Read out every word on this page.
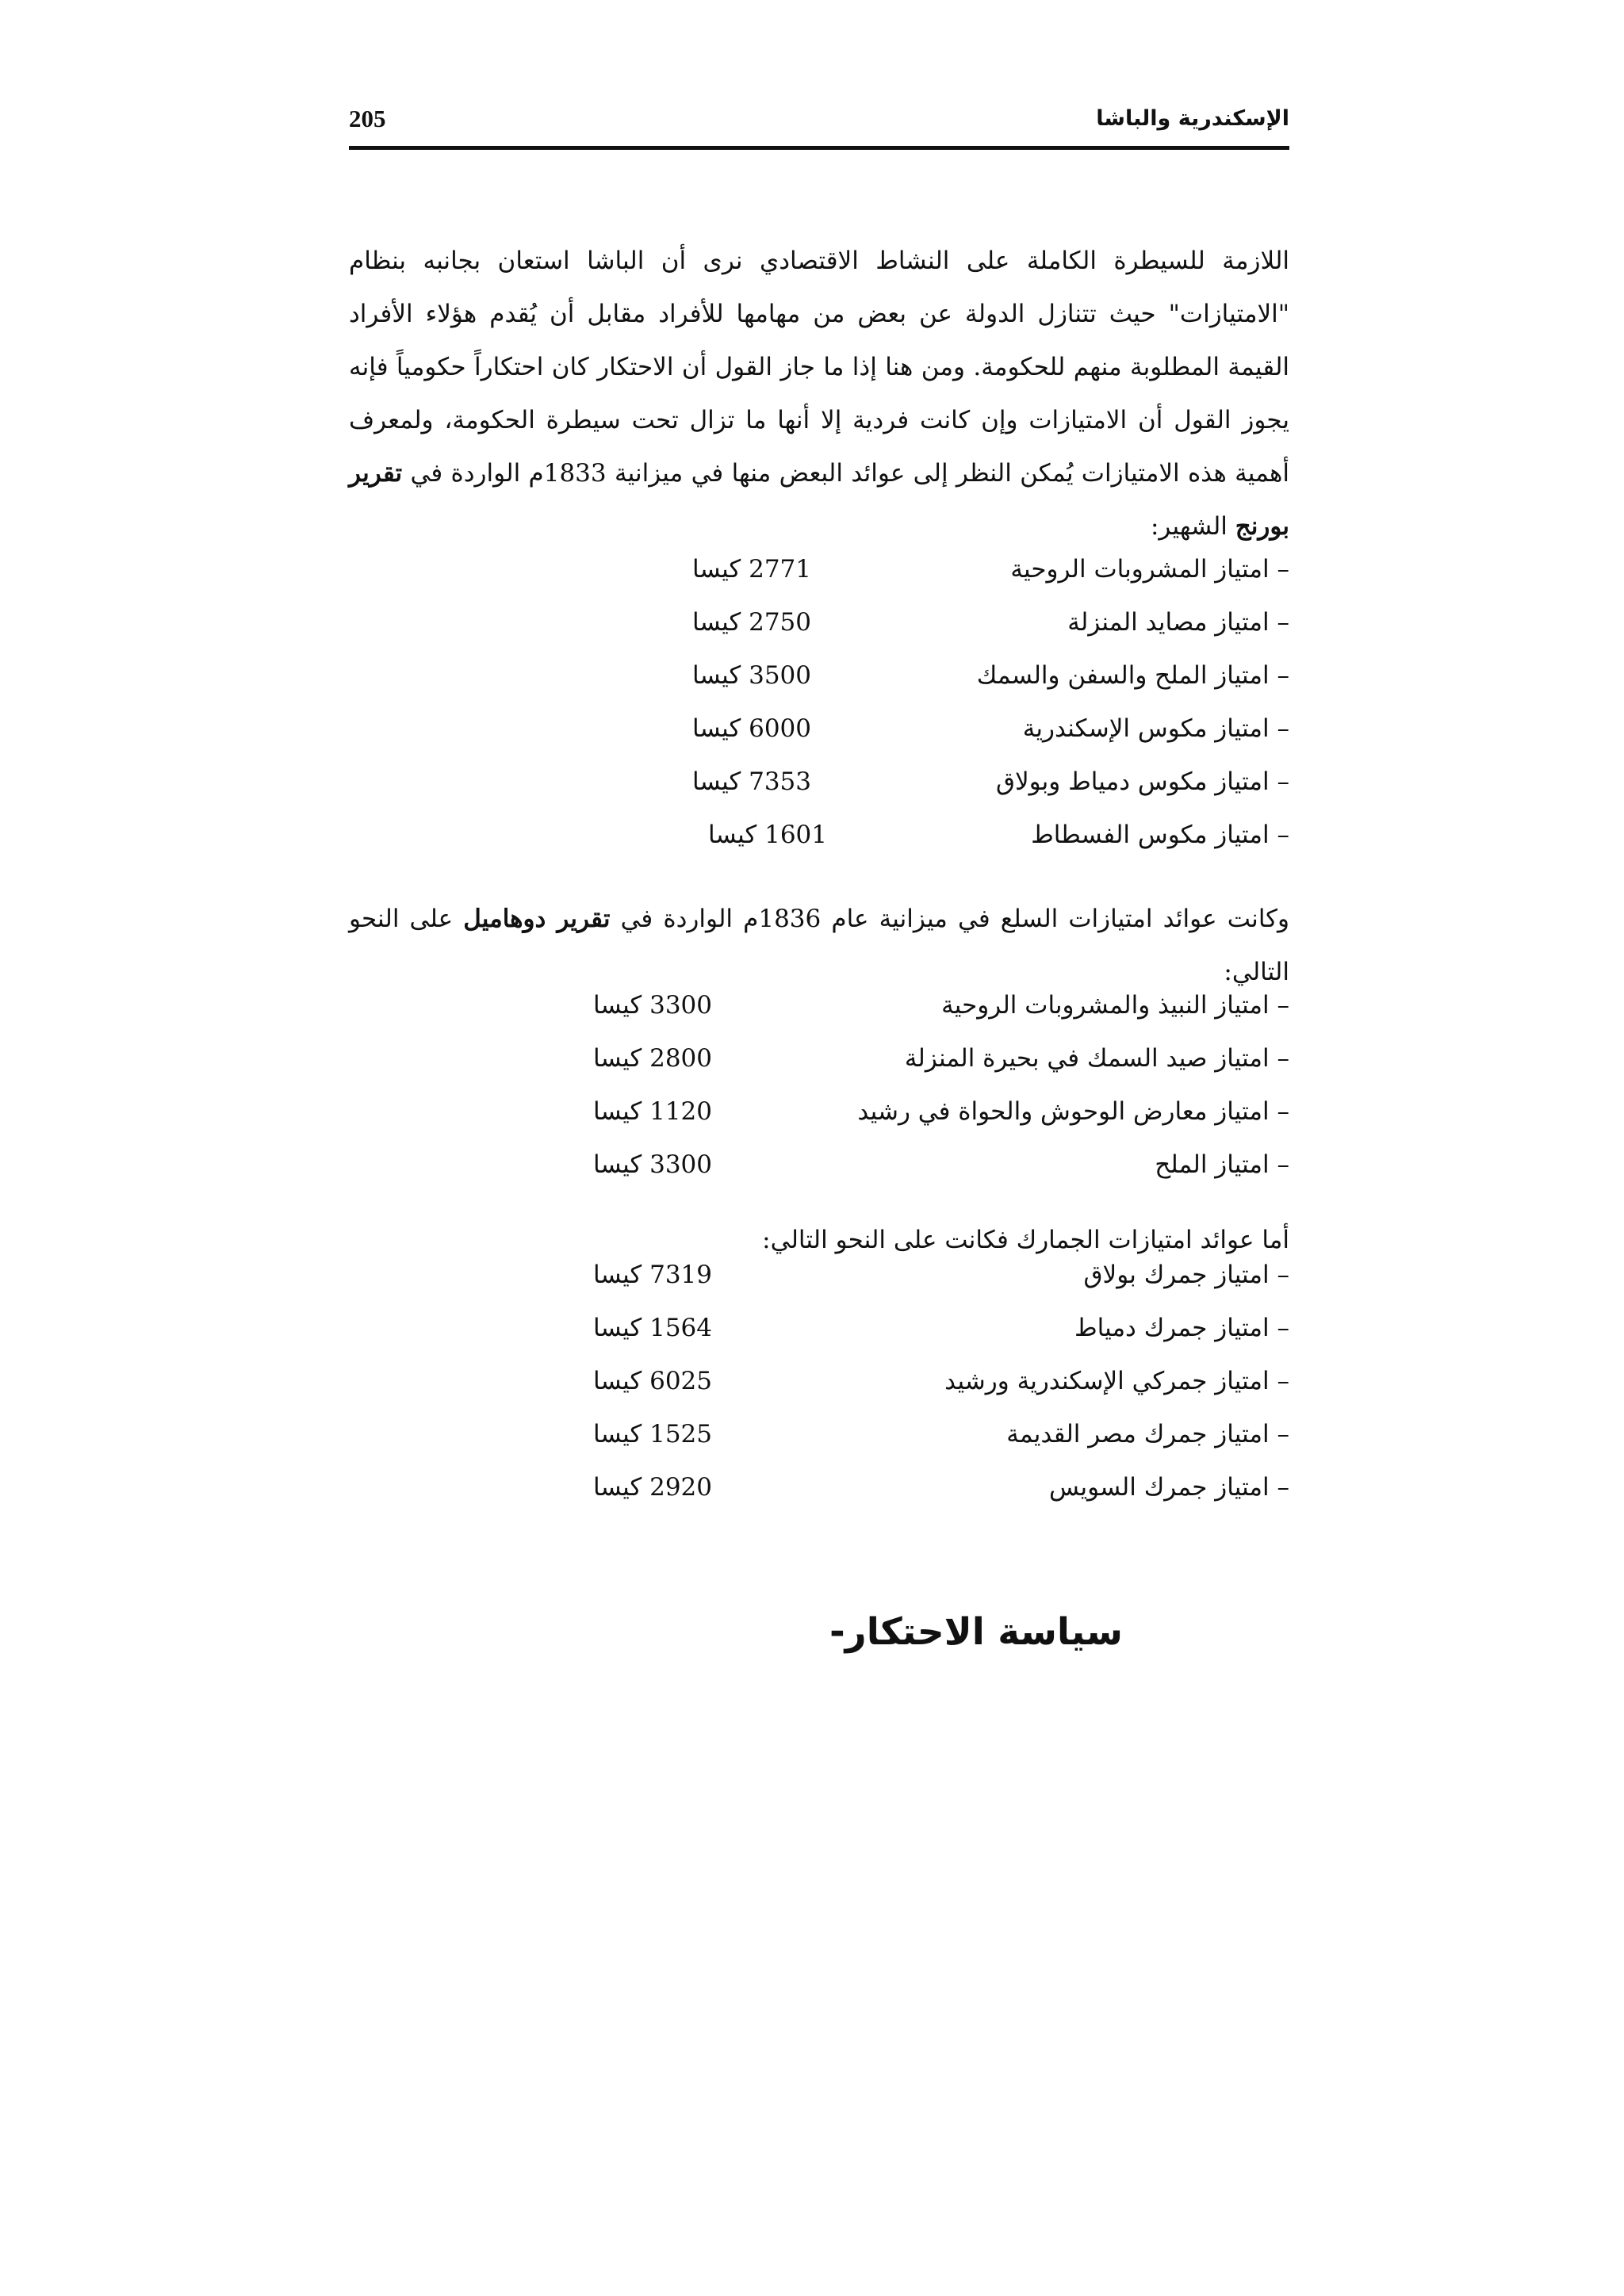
الإسكندرية والباشا
205

اللازمة للسيطرة الكاملة على النشاط الاقتصادي نرى أن الباشا استعان بجانبه بنظام "الامتيازات" حيث تتنازل الدولة عن بعض من مهامها للأفراد مقابل أن يُقدم هؤلاء الأفراد القيمة المطلوبة منهم للحكومة. ومن هنا إذا ما جاز القول أن الاحتكار كان احتكاراً حكومياً فإنه يجوز القول أن الامتيازات وإن كانت فردية إلا أنها ما تزال تحت سيطرة الحكومة، ولمعرف أهمية هذه الامتيازات يُمكن النظر إلى عوائد البعض منها في ميزانية 1833م الواردة في تقرير بورنج الشهير:

– امتياز المشروبات الروحية
2771 كيسا
– امتياز مصايد المنزلة
2750 كيسا
– امتياز الملح والسفن والسمك
3500 كيسا
– امتياز مكوس الإسكندرية
6000 كيسا
– امتياز مكوس دمياط وبولاق
7353 كيسا
– امتياز مكوس الفسطاط
1601 كيسا

وكانت عوائد امتيازات السلع في ميزانية عام 1836م الواردة في تقرير دوهاميل على النحو التالي:

– امتياز النبيذ والمشروبات الروحية
3300 كيسا
– امتياز صيد السمك في بحيرة المنزلة
2800 كيسا
– امتياز معارض الوحوش والحواة في رشيد
1120 كيسا
– امتياز الملح
3300 كيسا

أما عوائد امتيازات الجمارك فكانت على النحو التالي:

– امتياز جمرك بولاق
7319 كيسا
– امتياز جمرك دمياط
1564 كيسا
– امتياز جمركي الإسكندرية ورشيد
6025 كيسا
– امتياز جمرك مصر القديمة
1525 كيسا
– امتياز جمرك السويس
2920 كيسا
سياسة الاحتكار-
